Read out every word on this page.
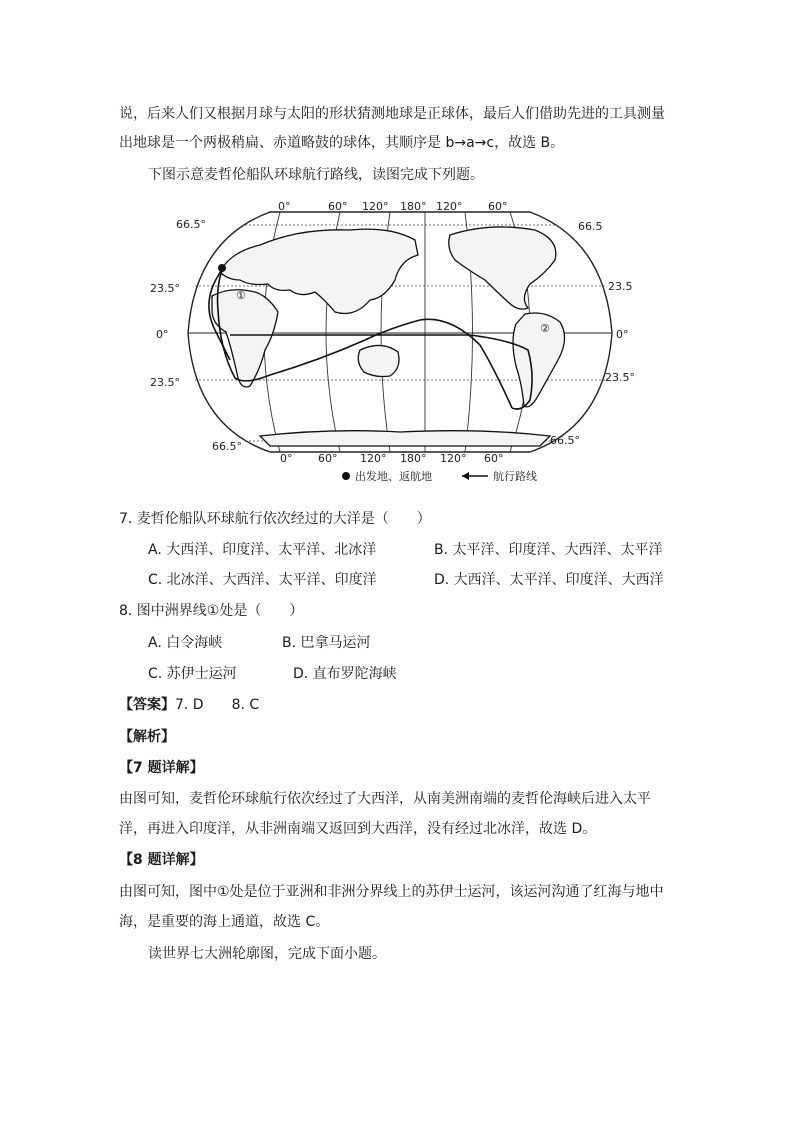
说，后来人们又根据月球与太阳的形状猜测地球是正球体，最后人们借助先进的工具测量
出地球是一个两极稍扁、赤道略鼓的球体，其顺序是 b→a→c，故选 B。
下图示意麦哲伦船队环球航行路线，读图完成下列题。
①
②
0°	60° 120° 180° 120° 60°
0° 60° 120° 180° 120° 60°
66.5°
23.5°
0°
23.5°
66.5°
66.5
23.5
0°
23.5°
66.5°
出发地、返航地	航行路线
7. 麦哲伦船队环球航行依次经过的大洋是（　　）
A. 大西洋、印度洋、太平洋、北冰洋	B. 太平洋、印度洋、大西洋、太平洋
C. 北冰洋、大西洋、太平洋、印度洋	D. 大西洋、太平洋、印度洋、大西洋
8. 图中洲界线①处是（　　）
A. 白令海峡	B. 巴拿马运河
C. 苏伊士运河	D. 直布罗陀海峡
【答案】7. D　　8. C
【解析】
【7 题详解】
由图可知，麦哲伦环球航行依次经过了大西洋，从南美洲南端的麦哲伦海峡后进入太平
洋，再进入印度洋，从非洲南端又返回到大西洋，没有经过北冰洋，故选 D。
【8 题详解】
由图可知，图中①处是位于亚洲和非洲分界线上的苏伊士运河，该运河沟通了红海与地中
海，是重要的海上通道，故选 C。
读世界七大洲轮廓图，完成下面小题。
